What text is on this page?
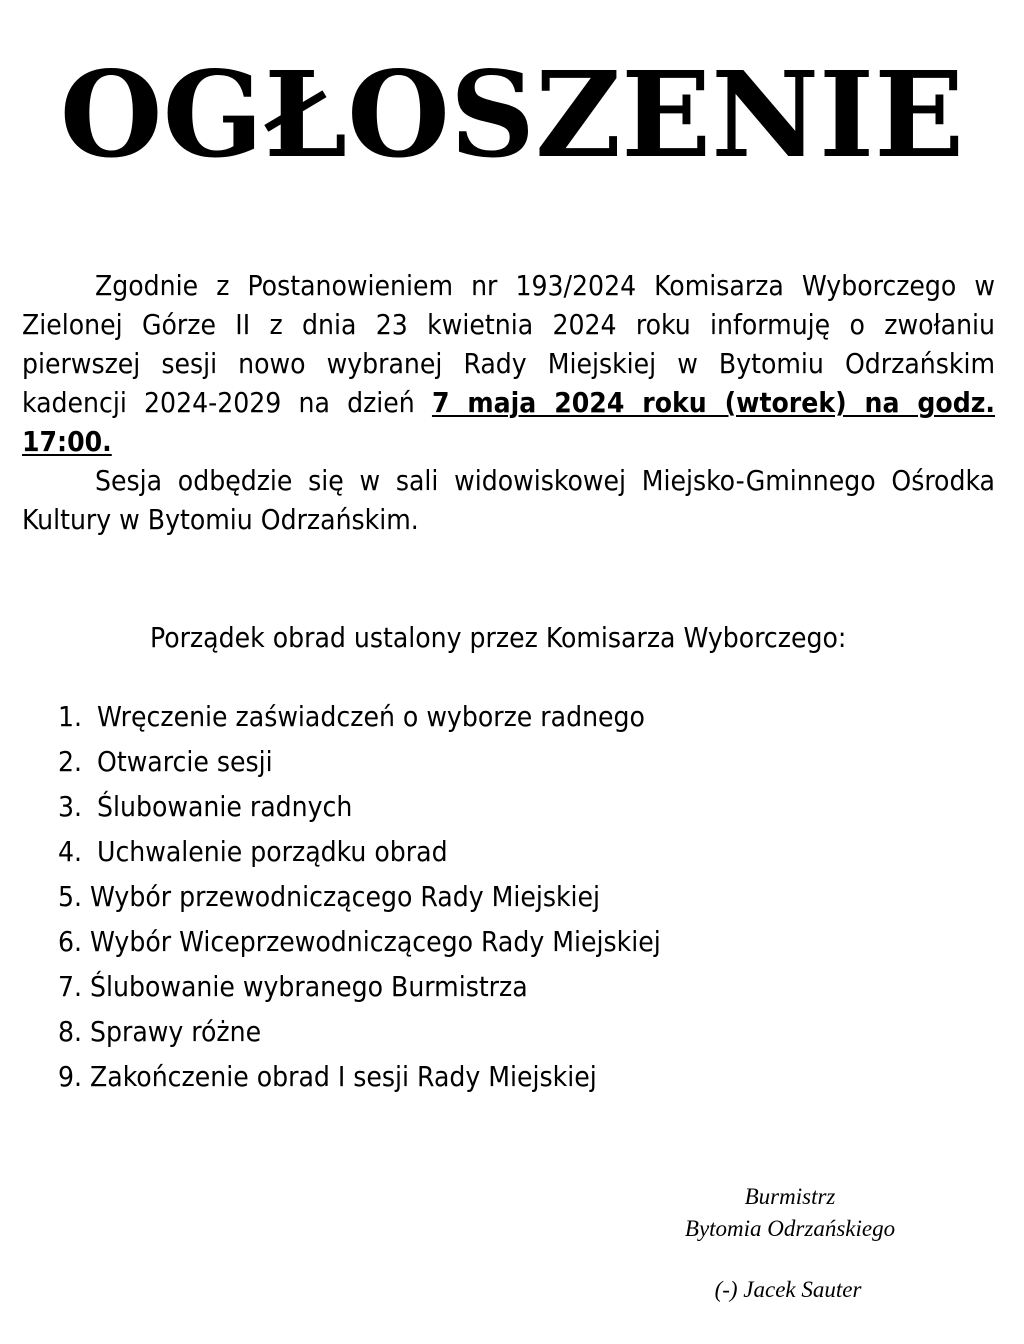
OGŁOSZENIE

Zgodnie z Postanowieniem nr 193/2024 Komisarza Wyborczego w Zielonej Górze II z dnia 23 kwietnia 2024 roku informuję o zwołaniu pierwszej sesji nowo wybranej Rady Miejskiej w Bytomiu Odrzańskim kadencji 2024-2029 na dzień 7 maja 2024 roku (wtorek) na godz. 17:00.

Sesja odbędzie się w sali widowiskowej Miejsko-Gminnego Ośrodka Kultury w Bytomiu Odrzańskim.

Porządek obrad ustalony przez Komisarza Wyborczego:

1. Wręczenie zaświadczeń o wyborze radnego
2. Otwarcie sesji
3. Ślubowanie radnych
4. Uchwalenie porządku obrad
5. Wybór przewodniczącego Rady Miejskiej
6. Wybór Wiceprzewodniczącego Rady Miejskiej
7. Ślubowanie wybranego Burmistrza
8. Sprawy różne
9. Zakończenie obrad I sesji Rady Miejskiej

Burmistrz

Bytomia Odrzańskiego

(-) Jacek Sauter
